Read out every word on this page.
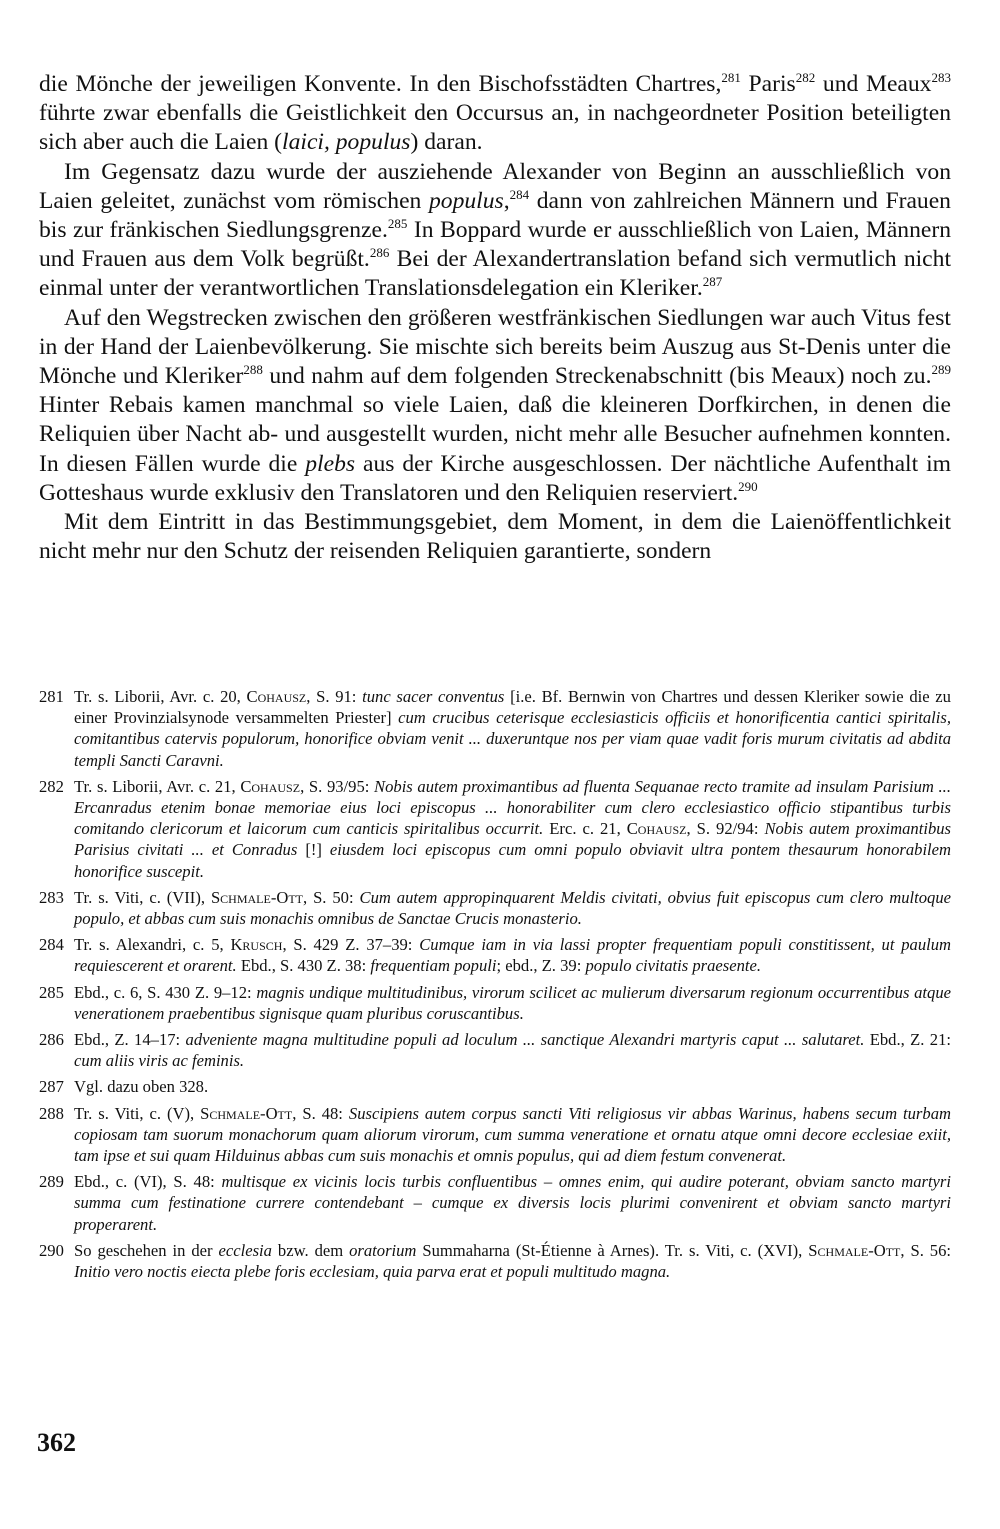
die Mönche der jeweiligen Konvente. In den Bischofsstädten Chartres,$^{281}$ Paris$^{282}$ und Meaux$^{283}$ führte zwar ebenfalls die Geistlichkeit den Occursus an, in nachgeordneter Position beteiligten sich aber auch die Laien (laici, populus) daran.

Im Gegensatz dazu wurde der ausziehende Alexander von Beginn an ausschließlich von Laien geleitet, zunächst vom römischen populus,$^{284}$ dann von zahlreichen Männern und Frauen bis zur fränkischen Siedlungsgrenze.$^{285}$ In Boppard wurde er ausschließlich von Laien, Männern und Frauen aus dem Volk begrüßt.$^{286}$ Bei der Alexandertranslation befand sich vermutlich nicht einmal unter der verantwortlichen Translationsdelegation ein Kleriker.$^{287}$

Auf den Wegstrecken zwischen den größeren westfränkischen Siedlungen war auch Vitus fest in der Hand der Laienbevölkerung. Sie mischte sich bereits beim Auszug aus St-Denis unter die Mönche und Kleriker$^{288}$ und nahm auf dem folgenden Streckenabschnitt (bis Meaux) noch zu.$^{289}$ Hinter Rebais kamen manchmal so viele Laien, daß die kleineren Dorfkirchen, in denen die Reliquien über Nacht ab- und ausgestellt wurden, nicht mehr alle Besucher aufnehmen konnten. In diesen Fällen wurde die plebs aus der Kirche ausgeschlossen. Der nächtliche Aufenthalt im Gotteshaus wurde exklusiv den Translatoren und den Reliquien reserviert.$^{290}$

Mit dem Eintritt in das Bestimmungsgebiet, dem Moment, in dem die Laienöffentlichkeit nicht mehr nur den Schutz der reisenden Reliquien garantierte, sondern

281 Tr. s. Liborii, Avr. c. 20, Cohausz, S. 91: tunc sacer conventus [i.e. Bf. Bernwin von Chartres und dessen Kleriker sowie die zu einer Provinzialsynode versammelten Priester] cum crucibus ceterisque ecclesiasticis officiis et honorificentia cantici spiritalis, comitantibus catervis populorum, honorifice obviam venit ... duxeruntque nos per viam quae vadit foris murum civitatis ad abdita templi Sancti Caravni.
282 Tr. s. Liborii, Avr. c. 21, Cohausz, S. 93/95: Nobis autem proximantibus ad fluenta Sequanae recto tramite ad insulam Parisium ... Ercanradus etenim bonae memoriae eius loci episcopus ... honorabiliter cum clero ecclesiastico officio stipantibus turbis comitando clericorum et laicorum cum canticis spiritalibus occurrit. Erc. c. 21, Cohausz, S. 92/94: Nobis autem proximantibus Parisius civitati ... et Conradus [!] eiusdem loci episcopus cum omni populo obviavit ultra pontem thesaurum honorabilem honorifice suscepit.
283 Tr. s. Viti, c. (VII), Schmale-Ott, S. 50: Cum autem appropinquarent Meldis civitati, obvius fuit episcopus cum clero multoque populo, et abbas cum suis monachis omnibus de Sanctae Crucis monasterio.
284 Tr. s. Alexandri, c. 5, Krusch, S. 429 Z. 37–39: Cumque iam in via lassi propter frequentiam populi constitissent, ut paulum requiescerent et orarent. Ebd., S. 430 Z. 38: frequentiam populi; ebd., Z. 39: populo civitatis praesente.
285 Ebd., c. 6, S. 430 Z. 9–12: magnis undique multitudinibus, virorum scilicet ac mulierum diversarum regionum occurrentibus atque venerationem praebentibus signisque quam pluribus coruscantibus.
286 Ebd., Z. 14–17: adveniente magna multitudine populi ad loculum ... sanctique Alexandri martyris caput ... salutaret. Ebd., Z. 21: cum aliis viris ac feminis.
287 Vgl. dazu oben 328.
288 Tr. s. Viti, c. (V), Schmale-Ott, S. 48: Suscipiens autem corpus sancti Viti religiosus vir abbas Warinus, habens secum turbam copiosam tam suorum monachorum quam aliorum virorum, cum summa veneratione et ornatu atque omni decore ecclesiae exiit, tam ipse et sui quam Hilduinus abbas cum suis monachis et omnis populus, qui ad diem festum convenerat.
289 Ebd., c. (VI), S. 48: multisque ex vicinis locis turbis confluentibus – omnes enim, qui audire poterant, obviam sancto martyri summa cum festinatione currere contendebant – cumque ex diversis locis plurimi convenirent et obviam sancto martyri properarent.
290 So geschehen in der ecclesia bzw. dem oratorium Summaharna (St-Étienne à Arnes). Tr. s. Viti, c. (XVI), Schmale-Ott, S. 56: Initio vero noctis eiecta plebe foris ecclesiam, quia parva erat et populi multitudo magna.
362
